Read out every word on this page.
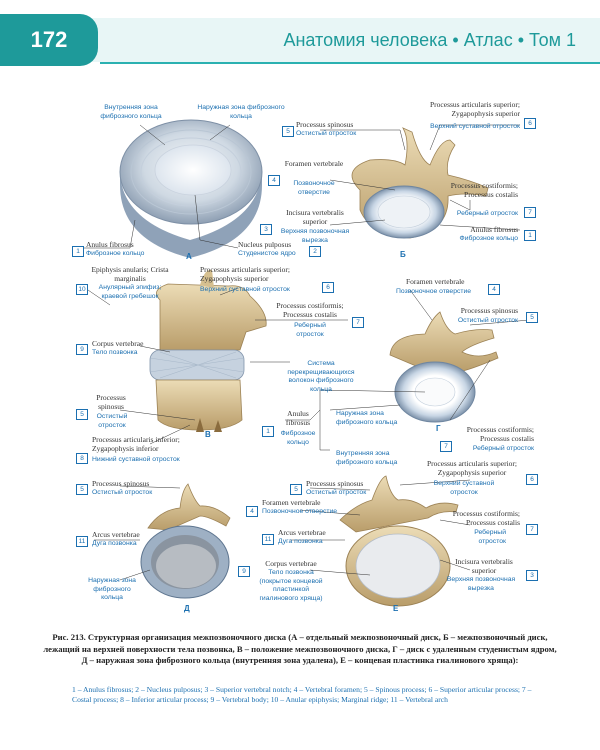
172	Анатомия человека • Атлас • Том 1
Внутренняя зона фиброзного кольца
Наружная зона фиброзного кольца
1
Anulus fibrosus
Фиброзное кольцо
Nucleus pulposus
Студенистое ядро	2
А
5
Processus spinosus
Остистый отросток
Processus articularis superior; Zygapophysis superior
Верхний суставной отросток	6
4
Foramen vertebrale
Позвоночное отверстие
Processus costiformis; Processus costalis
Реберный отросток	7
3
Incisura vertebralis superior
Верхняя позвоночная вырезка
Anulus fibrosus
Фиброзное кольцо	1
Б
Epiphysis anularis; Crista marginalis
10	Анулярный эпифиз; краевой гребешок
Processus articularis superior; Zygapophysis superior
Верхний суставной отросток	6
Processus costiformis; Processus costalis
Реберный отросток
7
9
Corpus vertebrae
Тело позвонка
Система перекрещивающихся волокон фиброзного кольца
Processus spinosus
5	Остистый отросток
Processus articularis inferior; Zygapophysis inferior
8	Нижний суставной отросток
В
Foramen vertebrale
Позвоночное отверстие	4
Processus spinosus
Остистый отросток	5
Anulus fibrosus
1	Фиброзное кольцо
Наружная зона фиброзного кольца
Внутренняя зона фиброзного кольца
Г
7
Processus costiformis; Processus costalis
Реберный отросток
5
Processus spinosus
Остистый отросток
11
Arcus vertebrae
Дуга позвонка
Наружная зона фиброзного кольца
Д
5
Processus spinosus
Остистый отросток
4
Foramen vertebrale
Позвоночное отверстие
11
Arcus vertebrae
Дуга позвонка
9
Corpus vertebrae
Тело позвонка (покрытое концевой пластинкой гиалинового хряща)
Processus articularis superior; Zygapophysis superior
Верхний суставной отросток
6
Processus costiformis; Processus costalis
Реберный отросток
7
Incisura vertebralis superior
Верхняя позвоночная вырезка
3
Е
Рис. 213. Структурная организация межпозвоночного диска (А – отдельный межпозвоночный диск, Б – межпозвоночный диск, лежащий на верхней поверхности тела позвонка, В – положение межпозвоночного диска, Г – диск с удаленным студенистым ядром, Д – наружная зона фиброзного кольца (внутренняя зона удалена), Е – концевая пластинка гиалинового хряща):
1 – Anulus fibrosus; 2 – Nucleus pulposus; 3 – Superior vertebral notch; 4 – Vertebral foramen; 5 – Spinous process; 6 – Superior articular process; 7 – Costal process; 8 – Inferior articular process; 9 – Vertebral body; 10 – Anular epiphysis; Marginal ridge; 11 – Vertebral arch
